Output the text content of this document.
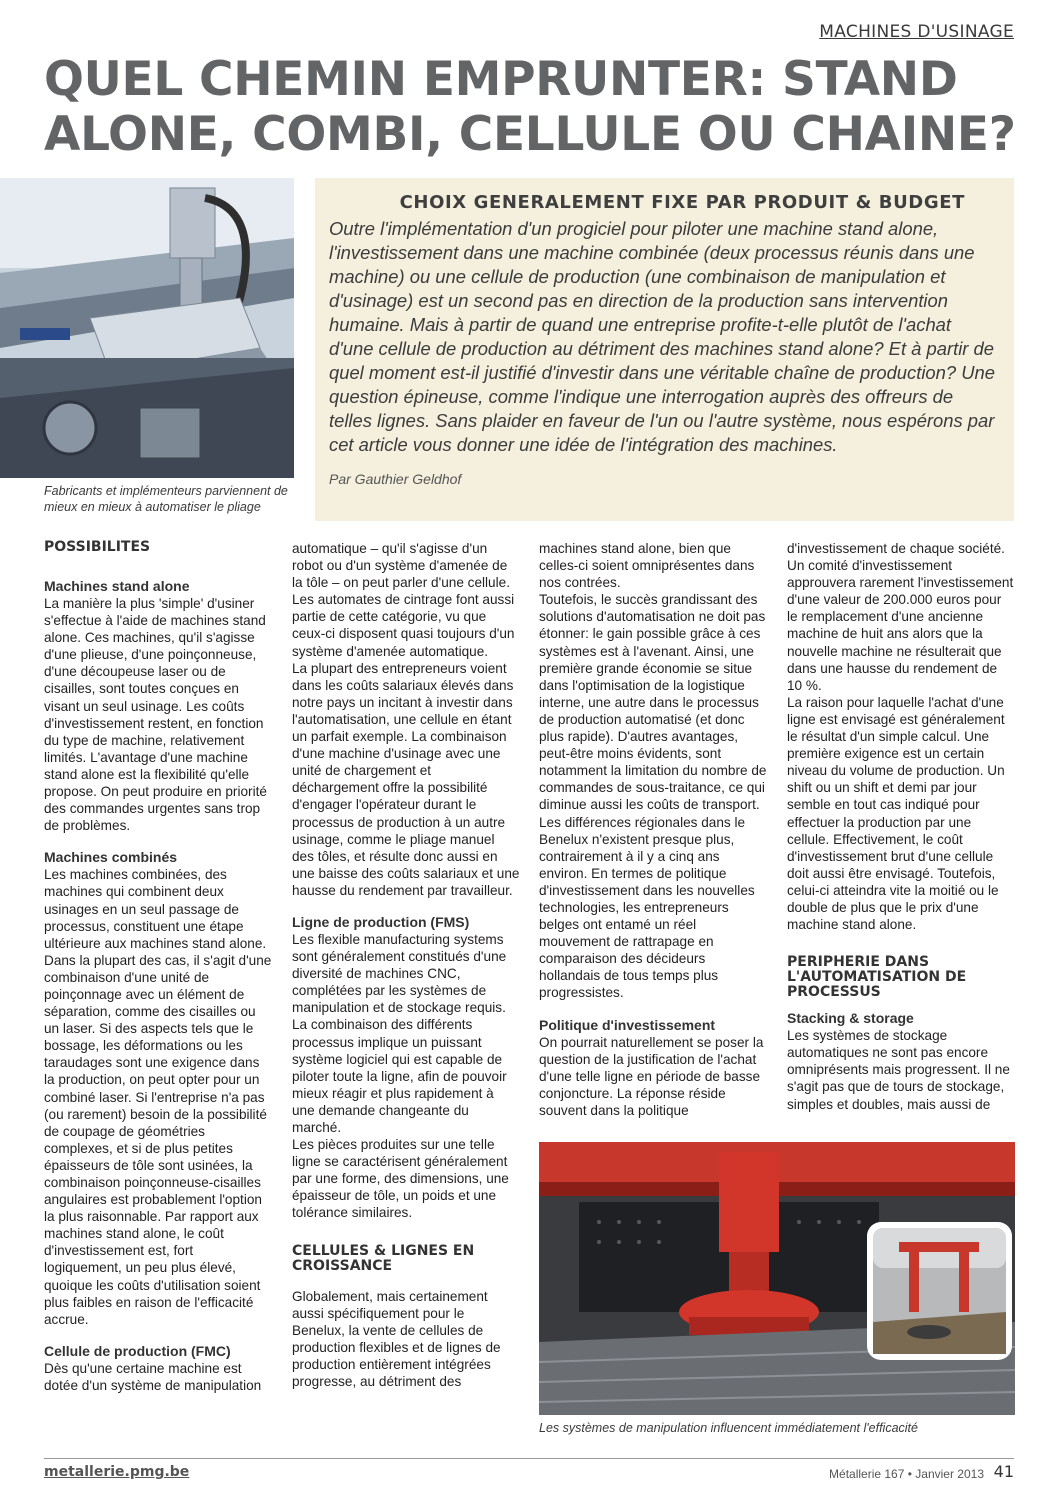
MACHINES D'USINAGE
QUEL CHEMIN EMPRUNTER: STAND ALONE, COMBI, CELLULE OU CHAINE?
Fabricants et implémenteurs parviennent de mieux en mieux à automatiser le pliage
CHOIX GENERALEMENT FIXE PAR PRODUIT & BUDGET

Outre l'implémentation d'un progiciel pour piloter une machine stand alone, l'investissement dans une machine combinée (deux processus réunis dans une machine) ou une cellule de production (une combinaison de manipulation et d'usinage) est un second pas en direction de la production sans intervention humaine. Mais à partir de quand une entreprise profite-t-elle plutôt de l'achat d'une cellule de production au détriment des machines stand alone? Et à partir de quel moment est-il justifié d'investir dans une véritable chaîne de production? Une question épineuse, comme l'indique une interrogation auprès des offreurs de telles lignes. Sans plaider en faveur de l'un ou l'autre système, nous espérons par cet article vous donner une idée de l'intégration des machines.

Par Gauthier Geldhof
POSSIBILITES
Machines stand alone

La manière la plus 'simple' d'usiner s'effectue à l'aide de machines stand alone. Ces machines, qu'il s'agisse d'une plieuse, d'une poinçonneuse, d'une découpeuse laser ou de cisailles, sont toutes conçues en visant un seul usinage. Les coûts d'investissement restent, en fonction du type de machine, relativement limités. L'avantage d'une machine stand alone est la flexibilité qu'elle propose. On peut produire en priorité des commandes urgentes sans trop de problèmes.

Machines combinés

Les machines combinées, des machines qui combinent deux usinages en un seul passage de processus, constituent une étape ultérieure aux machines stand alone. Dans la plupart des cas, il s'agit d'une combinaison d'une unité de poinçonnage avec un élément de séparation, comme des cisailles ou un laser. Si des aspects tels que le bossage, les déformations ou les taraudages sont une exigence dans la production, on peut opter pour un combiné laser. Si l'entreprise n'a pas (ou rarement) besoin de la possibilité de coupage de géométries complexes, et si de plus petites épaisseurs de tôle sont usinées, la combinaison poinçonneuse-cisailles angulaires est probablement l'option la plus raisonnable. Par rapport aux machines stand alone, le coût d'investissement est, fort logiquement, un peu plus élevé, quoique les coûts d'utilisation soient plus faibles en raison de l'efficacité accrue.

Cellule de production (FMC)

Dès qu'une certaine machine est dotée d'un système de manipulation

automatique – qu'il s'agisse d'un robot ou d'un système d'amenée de la tôle – on peut parler d'une cellule. Les automates de cintrage font aussi partie de cette catégorie, vu que ceux-ci disposent quasi toujours d'un système d'amenée automatique.

La plupart des entrepreneurs voient dans les coûts salariaux élevés dans notre pays un incitant à investir dans l'automatisation, une cellule en étant un parfait exemple. La combinaison d'une machine d'usinage avec une unité de chargement et déchargement offre la possibilité d'engager l'opérateur durant le processus de production à un autre usinage, comme le pliage manuel des tôles, et résulte donc aussi en une baisse des coûts salariaux et une hausse du rendement par travailleur.

Ligne de production (FMS)

Les flexible manufacturing systems sont généralement constitués d'une diversité de machines CNC, complétées par les systèmes de manipulation et de stockage requis. La combinaison des différents processus implique un puissant système logiciel qui est capable de piloter toute la ligne, afin de pouvoir mieux réagir et plus rapidement à une demande changeante du marché.

Les pièces produites sur une telle ligne se caractérisent généralement par une forme, des dimensions, une épaisseur de tôle, un poids et une tolérance similaires.

CELLULES & LIGNES EN CROISSANCE

Globalement, mais certainement aussi spécifiquement pour le Benelux, la vente de cellules de production flexibles et de lignes de production entièrement intégrées progresse, au détriment des

machines stand alone, bien que celles-ci soient omniprésentes dans nos contrées.

Toutefois, le succès grandissant des solutions d'automatisation ne doit pas étonner: le gain possible grâce à ces systèmes est à l'avenant. Ainsi, une première grande économie se situe dans l'optimisation de la logistique interne, une autre dans le processus de production automatisé (et donc plus rapide). D'autres avantages, peut-être moins évidents, sont notamment la limitation du nombre de commandes de sous-traitance, ce qui diminue aussi les coûts de transport.

Les différences régionales dans le Benelux n'existent presque plus, contrairement à il y a cinq ans environ. En termes de politique d'investissement dans les nouvelles technologies, les entrepreneurs belges ont entamé un réel mouvement de rattrapage en comparaison des décideurs hollandais de tous temps plus progressistes.

Politique d'investissement

On pourrait naturellement se poser la question de la justification de l'achat d'une telle ligne en période de basse conjoncture. La réponse réside souvent dans la politique

d'investissement de chaque société. Un comité d'investissement approuvera rarement l'investissement d'une valeur de 200.000 euros pour le remplacement d'une ancienne machine de huit ans alors que la nouvelle machine ne résulterait que dans une hausse du rendement de 10 %.

La raison pour laquelle l'achat d'une ligne est envisagé est généralement le résultat d'un simple calcul. Une première exigence est un certain niveau du volume de production. Un shift ou un shift et demi par jour semble en tout cas indiqué pour effectuer la production par une cellule. Effectivement, le coût d'investissement brut d'une cellule doit aussi être envisagé. Toutefois, celui-ci atteindra vite la moitié ou le double de plus que le prix d'une machine stand alone.

PERIPHERIE DANS L'AUTOMATISATION DE PROCESSUS
Stacking & storage

Les systèmes de stockage automatiques ne sont pas encore omniprésents mais progressent. Il ne s'agit pas que de tours de stockage, simples et doubles, mais aussi de

Les systèmes de manipulation influencent immédiatement l'efficacité
metallerie.pmg.be	Métallerie 167 • Janvier 2013 41
